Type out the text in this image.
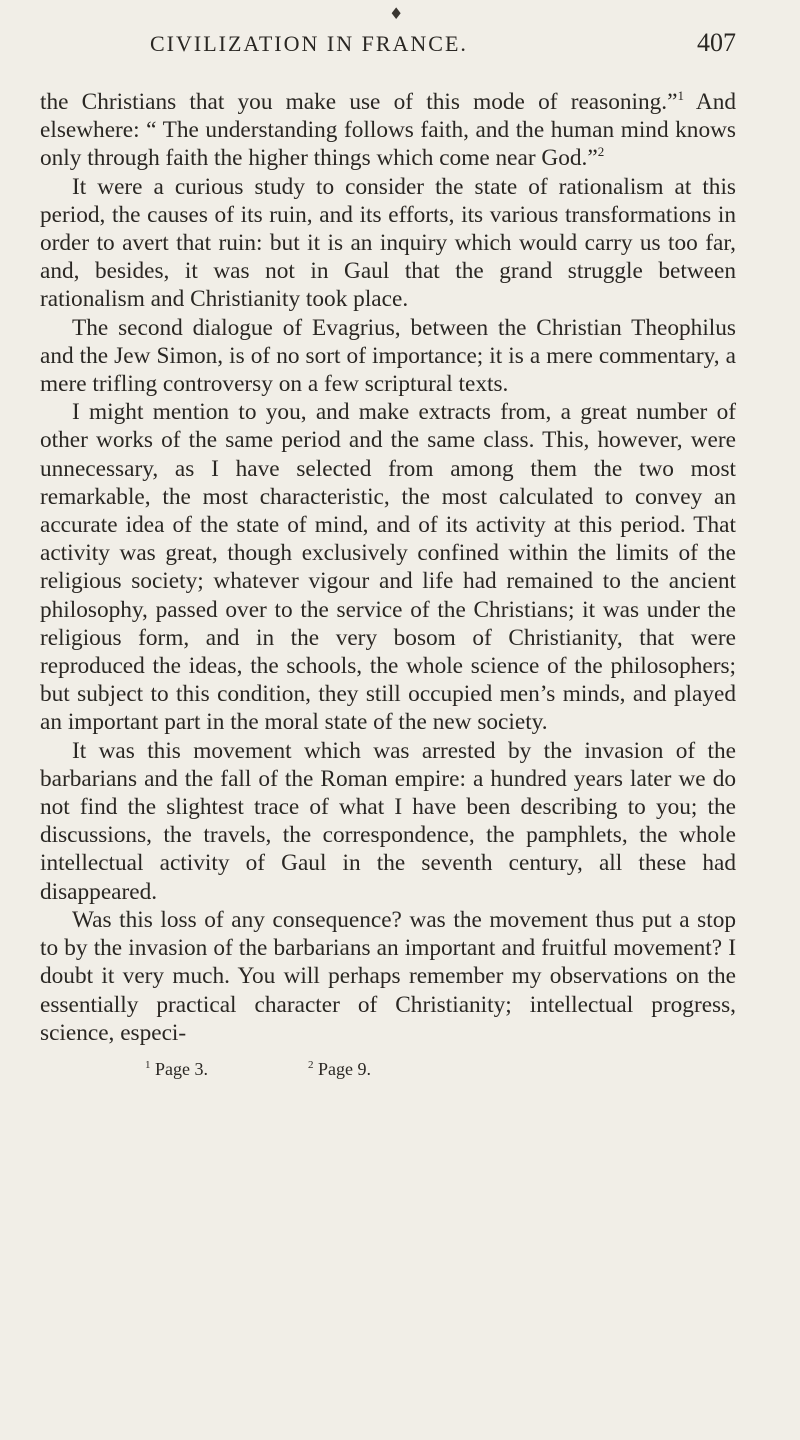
♦
CIVILIZATION IN FRANCE.	407

the Christians that you make use of this mode of reasoning.”$^1$ And elsewhere: “ The understanding follows faith, and the human mind knows only through faith the higher things which come near God.”$^2$

It were a curious study to consider the state of rationalism at this period, the causes of its ruin, and its efforts, its various transformations in order to avert that ruin: but it is an inquiry which would carry us too far, and, besides, it was not in Gaul that the grand struggle between rationalism and Christianity took place.

The second dialogue of Evagrius, between the Christian Theophilus and the Jew Simon, is of no sort of importance; it is a mere commentary, a mere trifling controversy on a few scriptural texts.

I might mention to you, and make extracts from, a great number of other works of the same period and the same class. This, however, were unnecessary, as I have selected from among them the two most remarkable, the most characteristic, the most calculated to convey an accurate idea of the state of mind, and of its activity at this period. That activity was great, though exclusively confined within the limits of the religious society; whatever vigour and life had remained to the ancient philosophy, passed over to the service of the Christians; it was under the religious form, and in the very bosom of Christianity, that were reproduced the ideas, the schools, the whole science of the philosophers; but subject to this condition, they still occupied men’s minds, and played an important part in the moral state of the new society.

It was this movement which was arrested by the invasion of the barbarians and the fall of the Roman empire: a hundred years later we do not find the slightest trace of what I have been describing to you; the discussions, the travels, the correspondence, the pamphlets, the whole intellectual activity of Gaul in the seventh century, all these had disappeared.

Was this loss of any consequence? was the movement thus put a stop to by the invasion of the barbarians an important and fruitful movement? I doubt it very much. You will perhaps remember my observations on the essentially practical character of Christianity; intellectual progress, science, especi-

$^1$ Page 3.	$^2$ Page 9.
